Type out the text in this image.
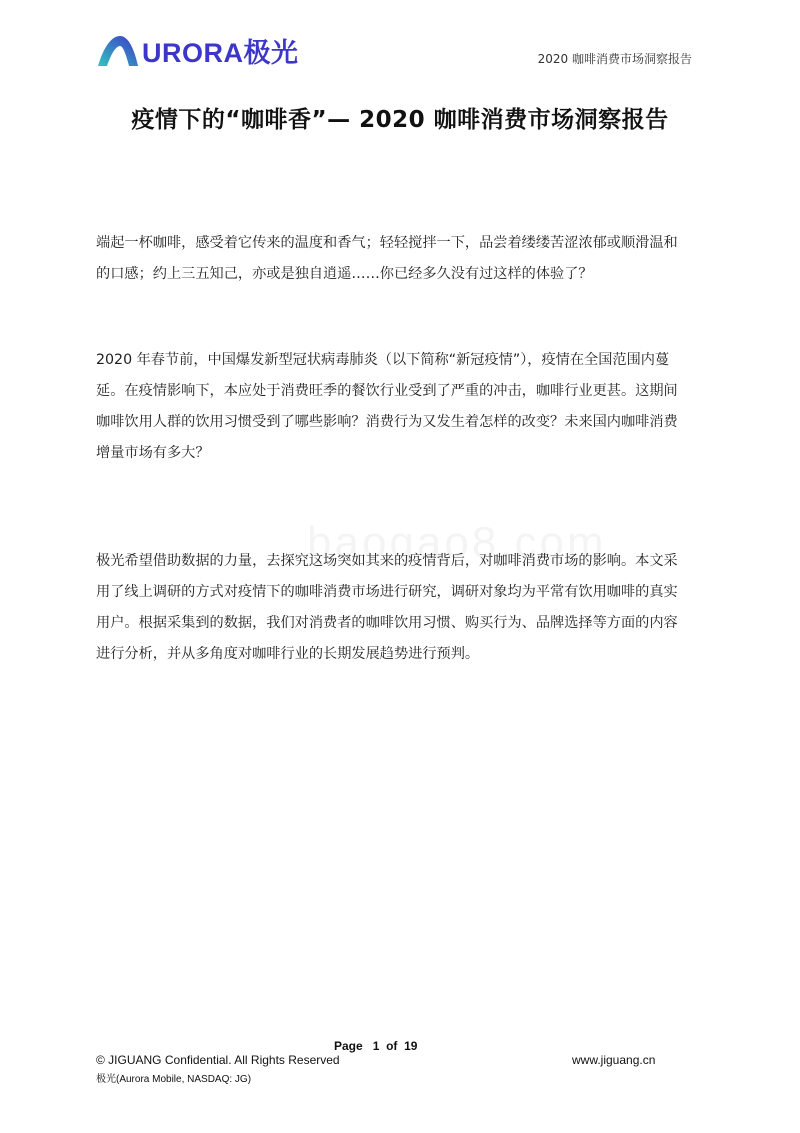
URORA极光	2020 咖啡消费市场洞察报告
疫情下的“咖啡香”— 2020 咖啡消费市场洞察报告
端起一杯咖啡，感受着它传来的温度和香气；轻轻搅拌一下，品尝着缕缕苦涩浓郁或顺滑温和
的口感；约上三五知己，亦或是独自逍遥……你已经多久没有过这样的体验了？
2020 年春节前，中国爆发新型冠状病毒肺炎（以下简称“新冠疫情”），疫情在全国范围内蔓
延。在疫情影响下，本应处于消费旺季的餐饮行业受到了严重的冲击，咖啡行业更甚。这期间
咖啡饮用人群的饮用习惯受到了哪些影响？消费行为又发生着怎样的改变？未来国内咖啡消费
增量市场有多大？
极光希望借助数据的力量，去探究这场突如其来的疫情背后，对咖啡消费市场的影响。本文采
用了线上调研的方式对疫情下的咖啡消费市场进行研究，调研对象均为平常有饮用咖啡的真实
用户。根据采集到的数据，我们对消费者的咖啡饮用习惯、购买行为、品牌选择等方面的内容
进行分析，并从多角度对咖啡行业的长期发展趋势进行预判。
Page 1 of 19
© JIGUANG Confidential. All Rights Reserved	www.jiguang.cn
极光(Aurora Mobile, NASDAQ: JG)
